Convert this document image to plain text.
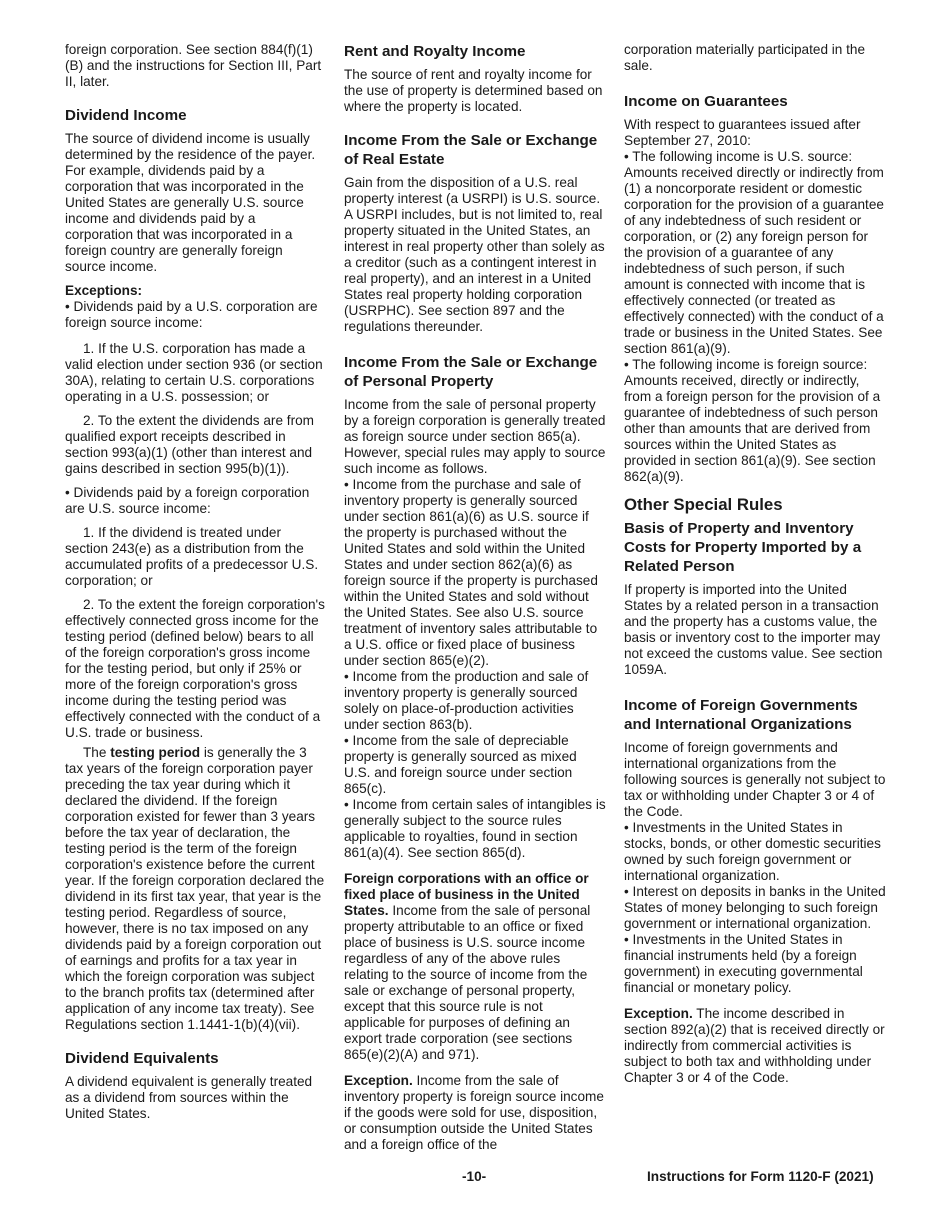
foreign corporation. See section 884(f)(1)(B) and the instructions for Section III, Part II, later.

Dividend Income

The source of dividend income is usually determined by the residence of the payer. For example, dividends paid by a corporation that was incorporated in the United States are generally U.S. source income and dividends paid by a corporation that was incorporated in a foreign country are generally foreign source income.

Exceptions:

• Dividends paid by a U.S. corporation are foreign source income:

1. If the U.S. corporation has made a valid election under section 936 (or section 30A), relating to certain U.S. corporations operating in a U.S. possession; or

2. To the extent the dividends are from qualified export receipts described in section 993(a)(1) (other than interest and gains described in section 995(b)(1)).

• Dividends paid by a foreign corporation are U.S. source income:

1. If the dividend is treated under section 243(e) as a distribution from the accumulated profits of a predecessor U.S. corporation; or

2. To the extent the foreign corporation's effectively connected gross income for the testing period (defined below) bears to all of the foreign corporation's gross income for the testing period, but only if 25% or more of the foreign corporation's gross income during the testing period was effectively connected with the conduct of a U.S. trade or business.

The testing period is generally the 3 tax years of the foreign corporation payer preceding the tax year during which it declared the dividend. If the foreign corporation existed for fewer than 3 years before the tax year of declaration, the testing period is the term of the foreign corporation's existence before the current year. If the foreign corporation declared the dividend in its first tax year, that year is the testing period. Regardless of source, however, there is no tax imposed on any dividends paid by a foreign corporation out of earnings and profits for a tax year in which the foreign corporation was subject to the branch profits tax (determined after application of any income tax treaty). See Regulations section 1.1441-1(b)(4)(vii).

Dividend Equivalents

A dividend equivalent is generally treated as a dividend from sources within the United States.

Rent and Royalty Income

The source of rent and royalty income for the use of property is determined based on where the property is located.

Income From the Sale or Exchange of Real Estate

Gain from the disposition of a U.S. real property interest (a USRPI) is U.S. source. A USRPI includes, but is not limited to, real property situated in the United States, an interest in real property other than solely as a creditor (such as a contingent interest in real property), and an interest in a United States real property holding corporation (USRPHC). See section 897 and the regulations thereunder.

Income From the Sale or Exchange of Personal Property

Income from the sale of personal property by a foreign corporation is generally treated as foreign source under section 865(a). However, special rules may apply to source such income as follows.

• Income from the purchase and sale of inventory property is generally sourced under section 861(a)(6) as U.S. source if the property is purchased without the United States and sold within the United States and under section 862(a)(6) as foreign source if the property is purchased within the United States and sold without the United States. See also U.S. source treatment of inventory sales attributable to a U.S. office or fixed place of business under section 865(e)(2).

• Income from the production and sale of inventory property is generally sourced solely on place-of-production activities under section 863(b).

• Income from the sale of depreciable property is generally sourced as mixed U.S. and foreign source under section 865(c).

• Income from certain sales of intangibles is generally subject to the source rules applicable to royalties, found in section 861(a)(4). See section 865(d).

Foreign corporations with an office or fixed place of business in the United States. Income from the sale of personal property attributable to an office or fixed place of business is U.S. source income regardless of any of the above rules relating to the source of income from the sale or exchange of personal property, except that this source rule is not applicable for purposes of defining an export trade corporation (see sections 865(e)(2)(A) and 971).

Exception. Income from the sale of inventory property is foreign source income if the goods were sold for use, disposition, or consumption outside the United States and a foreign office of the

corporation materially participated in the sale.

Income on Guarantees

With respect to guarantees issued after September 27, 2010:

• The following income is U.S. source: Amounts received directly or indirectly from (1) a noncorporate resident or domestic corporation for the provision of a guarantee of any indebtedness of such resident or corporation, or (2) any foreign person for the provision of a guarantee of any indebtedness of such person, if such amount is connected with income that is effectively connected (or treated as effectively connected) with the conduct of a trade or business in the United States. See section 861(a)(9).

• The following income is foreign source: Amounts received, directly or indirectly, from a foreign person for the provision of a guarantee of indebtedness of such person other than amounts that are derived from sources within the United States as provided in section 861(a)(9). See section 862(a)(9).

Other Special Rules

Basis of Property and Inventory Costs for Property Imported by a Related Person

If property is imported into the United States by a related person in a transaction and the property has a customs value, the basis or inventory cost to the importer may not exceed the customs value. See section 1059A.

Income of Foreign Governments and International Organizations

Income of foreign governments and international organizations from the following sources is generally not subject to tax or withholding under Chapter 3 or 4 of the Code.

• Investments in the United States in stocks, bonds, or other domestic securities owned by such foreign government or international organization.

• Interest on deposits in banks in the United States of money belonging to such foreign government or international organization.

• Investments in the United States in financial instruments held (by a foreign government) in executing governmental financial or monetary policy.

Exception. The income described in section 892(a)(2) that is received directly or indirectly from commercial activities is subject to both tax and withholding under Chapter 3 or 4 of the Code.

-10-	Instructions for Form 1120-F (2021)
